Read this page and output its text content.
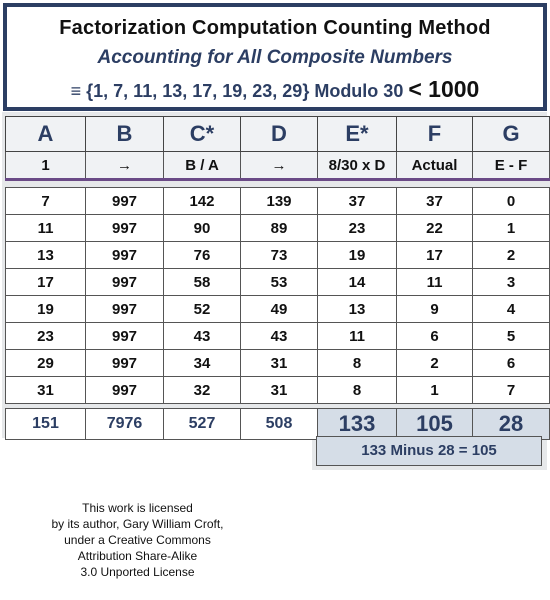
Factorization Computation Counting Method
Accounting for All Composite Numbers
≡ {1, 7, 11, 13, 17, 19, 23, 29} Modulo 30 < 1000
A	B	C*	D	E*	F	G
1	→	B / A	→	8/30 x D	Actual	E - F

7	997	142	139	37	37	0
11	997	90	89	23	22	1
13	997	76	73	19	17	2
17	997	58	53	14	11	3
19	997	52	49	13	9	4
23	997	43	43	11	6	5
29	997	34	31	8	2	6
31	997	32	31	8	1	7

151	7976	527	508	133	105	28
133 Minus 28 = 105
This work is licensed
by its author, Gary William Croft,
under a Creative Commons
Attribution Share-Alike
3.0 Unported License
